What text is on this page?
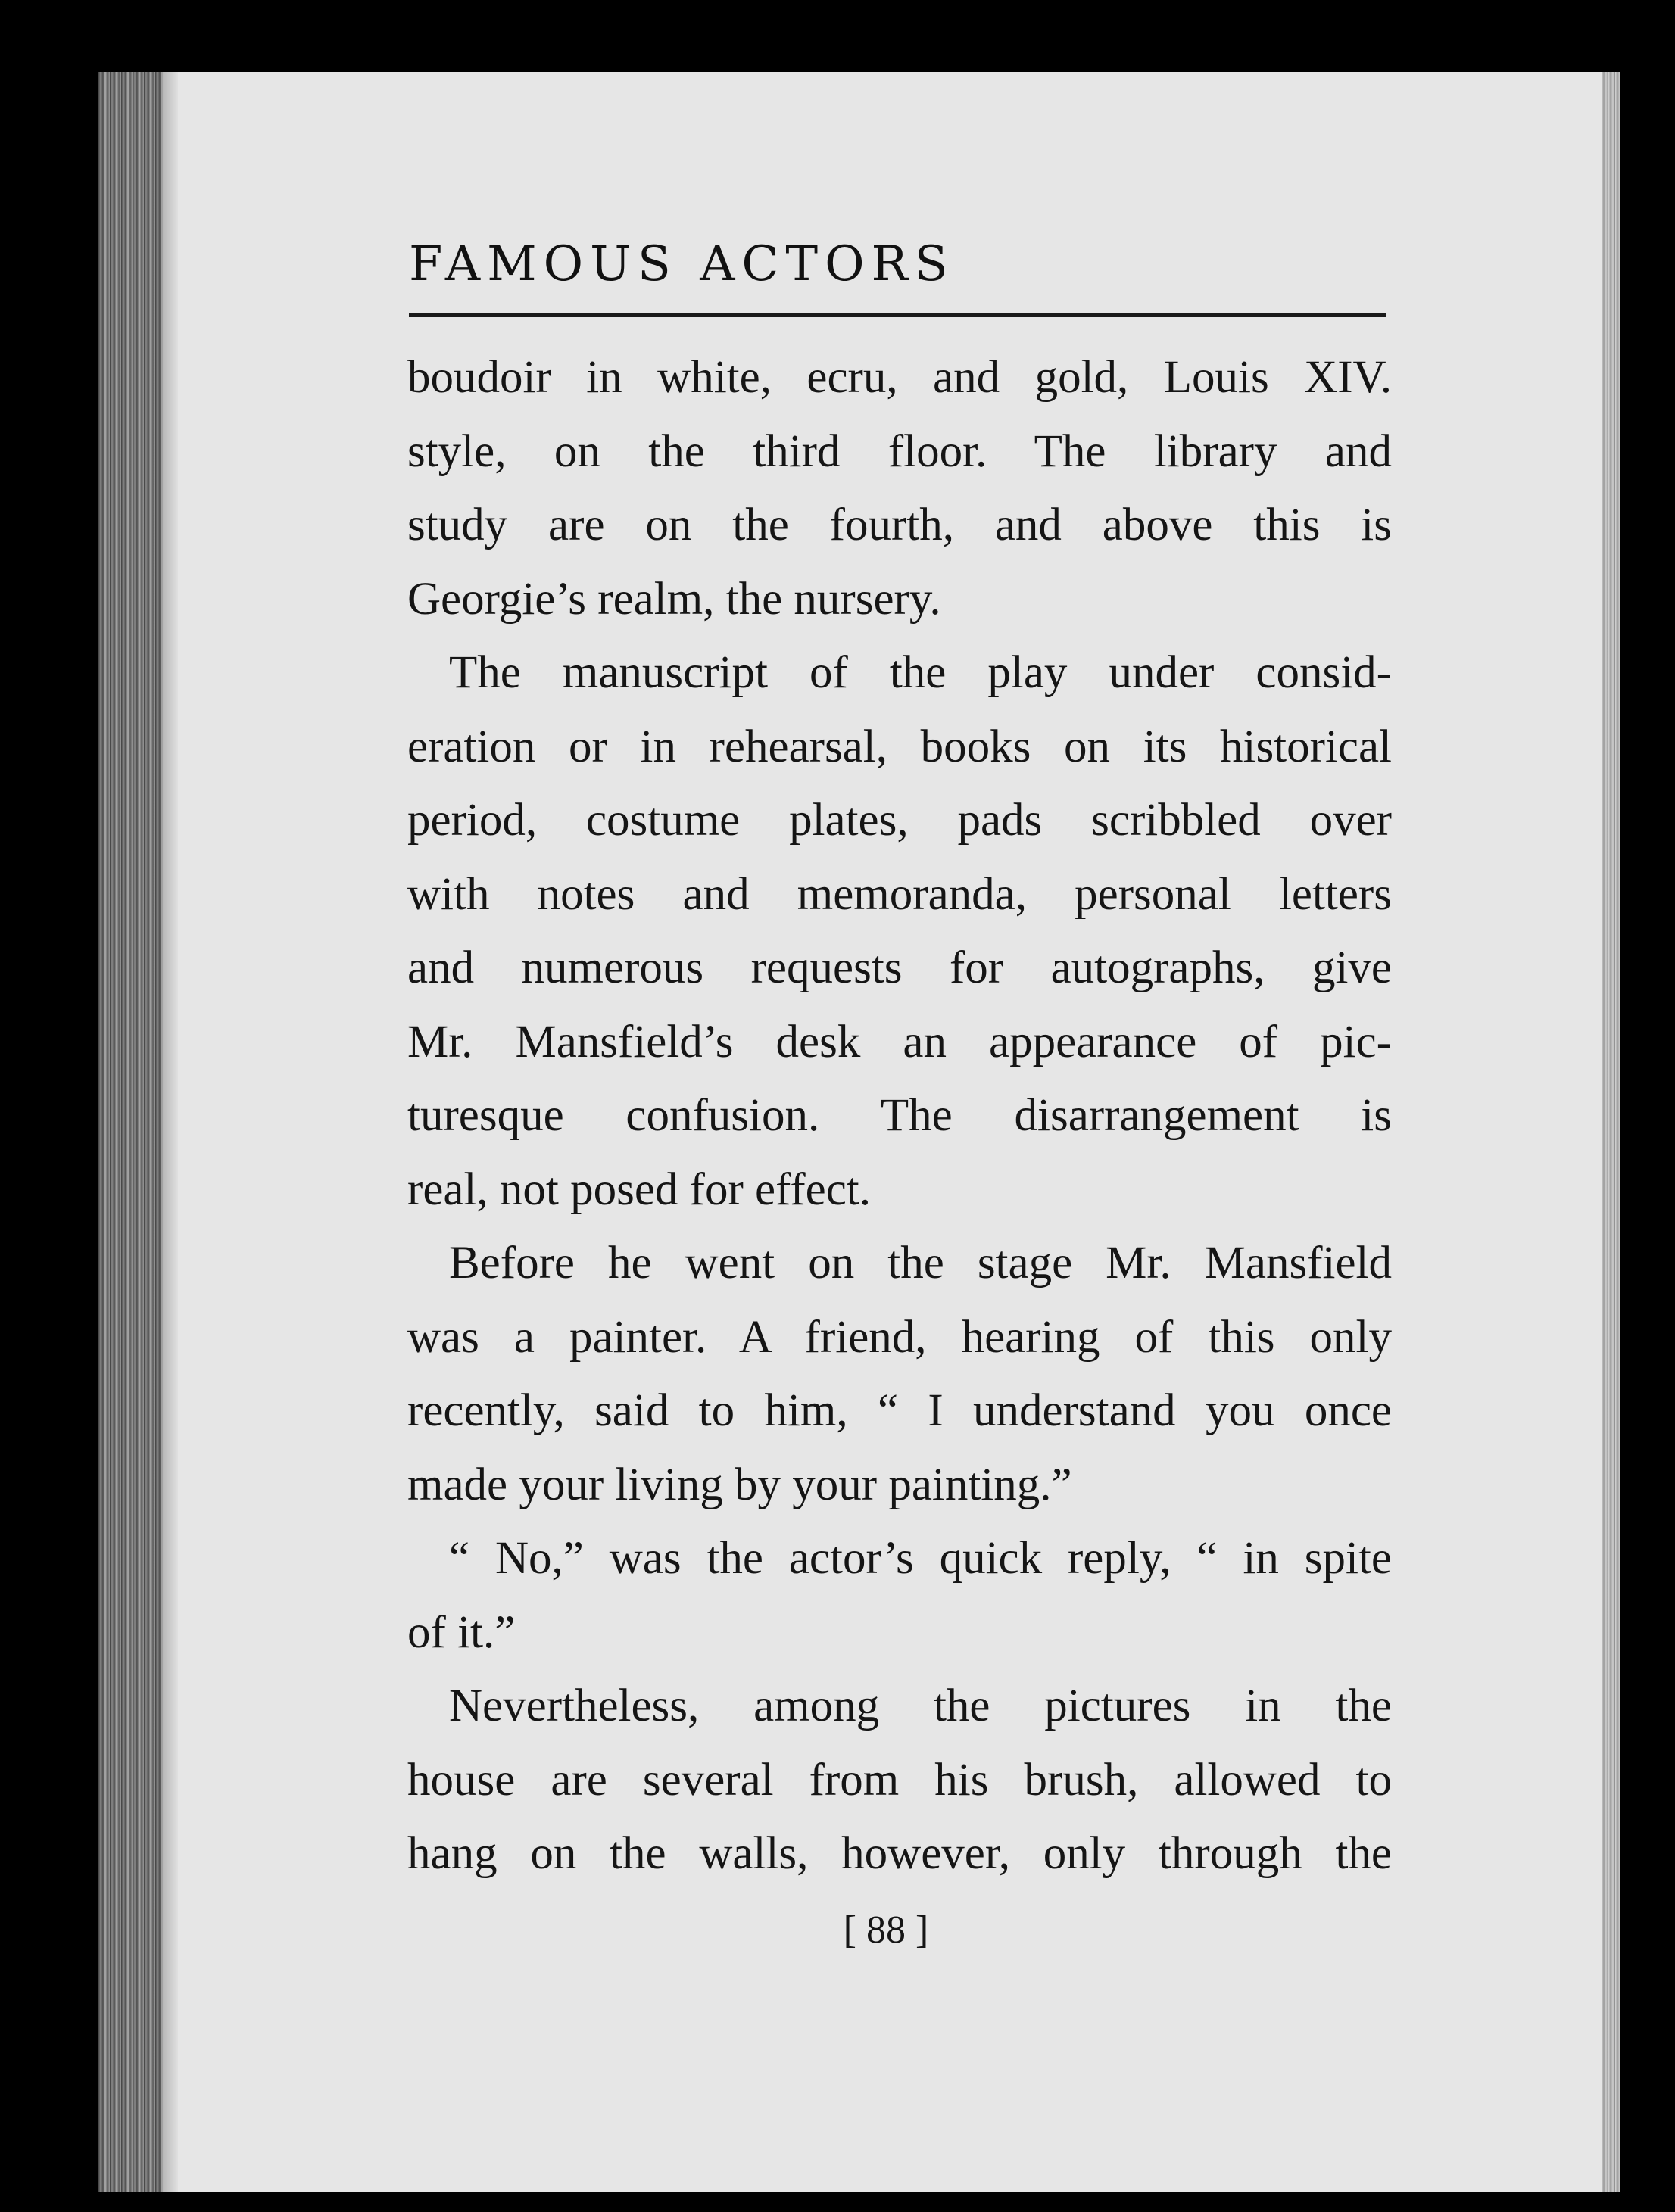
FAMOUS ACTORS
boudoir in white, ecru, and gold, Louis XIV.
style, on the third floor. The library and
study are on the fourth, and above this is
Georgie’s realm, the nursery.
The manuscript of the play under consid-
eration or in rehearsal, books on its historical
period, costume plates, pads scribbled over
with notes and memoranda, personal letters
and numerous requests for autographs, give
Mr. Mansfield’s desk an appearance of pic-
turesque confusion. The disarrangement is
real, not posed for effect.
Before he went on the stage Mr. Mansfield
was a painter. A friend, hearing of this only
recently, said to him, “ I understand you once
made your living by your painting.”
“ No,” was the actor’s quick reply, “ in spite
of it.”
Nevertheless, among the pictures in the
house are several from his brush, allowed to
hang on the walls, however, only through the
[ 88 ]
